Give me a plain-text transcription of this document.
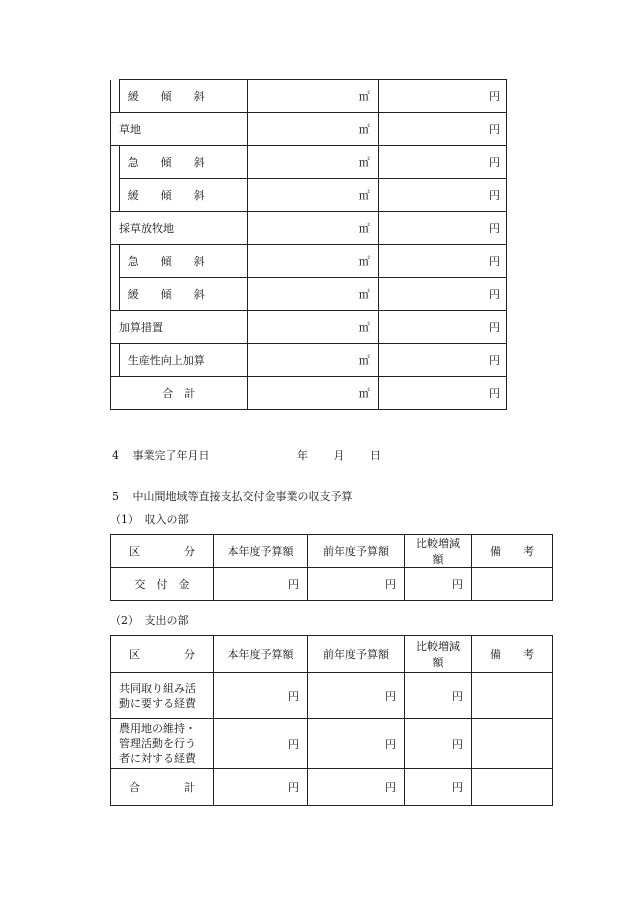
	緩　　傾　　斜	㎡	円
草地		㎡	円
	急　　傾　　斜	㎡	円
	緩　　傾　　斜	㎡	円
採草放牧地		㎡	円
	急　　傾　　斜	㎡	円
	緩　　傾　　斜	㎡	円
加算措置		㎡	円
	生産性向上加算	㎡	円
合　計		㎡	円
4 事業完了年月日	年 月 日
5 中山間地域等直接支払交付金事業の収支予算
（1）　収入の部
区　　　　分	本年度予算額	前年度予算額	比較増減額	備　　考
交　付　金	円	円	円	
（2）　支出の部
区　　　　分	本年度予算額	前年度予算額	比較増減額	備　　考
共同取り組み活動に要する経費	円	円	円	
農用地の維持・管理活動を行う者に対する経費	円	円	円	
合　　　　計	円	円	円	
